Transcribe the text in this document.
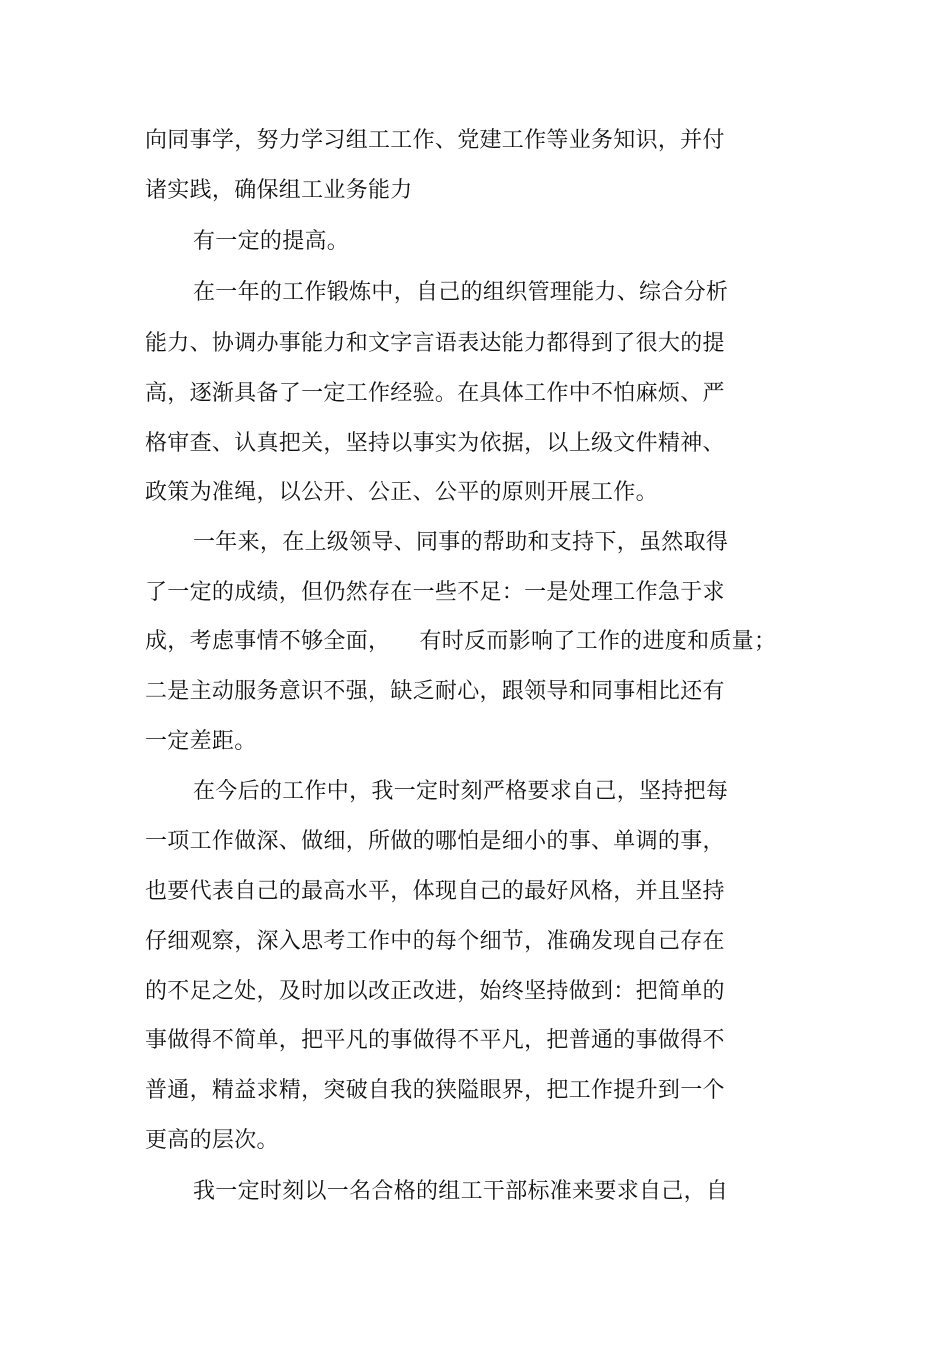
向同事学，努力学习组工工作、党建工作等业务知识，并付
诸实践，确保组工业务能力
有一定的提高。
在一年的工作锻炼中，自己的组织管理能力、综合分析
能力、协调办事能力和文字言语表达能力都得到了很大的提
高，逐渐具备了一定工作经验。在具体工作中不怕麻烦、严
格审查、认真把关，坚持以事实为依据，以上级文件精神、
政策为准绳，以公开、公正、公平的原则开展工作。
一年来，在上级领导、同事的帮助和支持下，虽然取得
了一定的成绩，但仍然存在一些不足：一是处理工作急于求
成，考虑事情不够全面，    有时反而影响了工作的进度和质量；
二是主动服务意识不强，缺乏耐心，跟领导和同事相比还有
一定差距。
在今后的工作中，我一定时刻严格要求自己，坚持把每
一项工作做深、做细，所做的哪怕是细小的事、单调的事，
也要代表自己的最高水平，体现自己的最好风格，并且坚持
仔细观察，深入思考工作中的每个细节，准确发现自己存在
的不足之处，及时加以改正改进，始终坚持做到：把简单的
事做得不简单，把平凡的事做得不平凡，把普通的事做得不
普通，精益求精，突破自我的狭隘眼界，把工作提升到一个
更高的层次。
我一定时刻以一名合格的组工干部标准来要求自己，自
